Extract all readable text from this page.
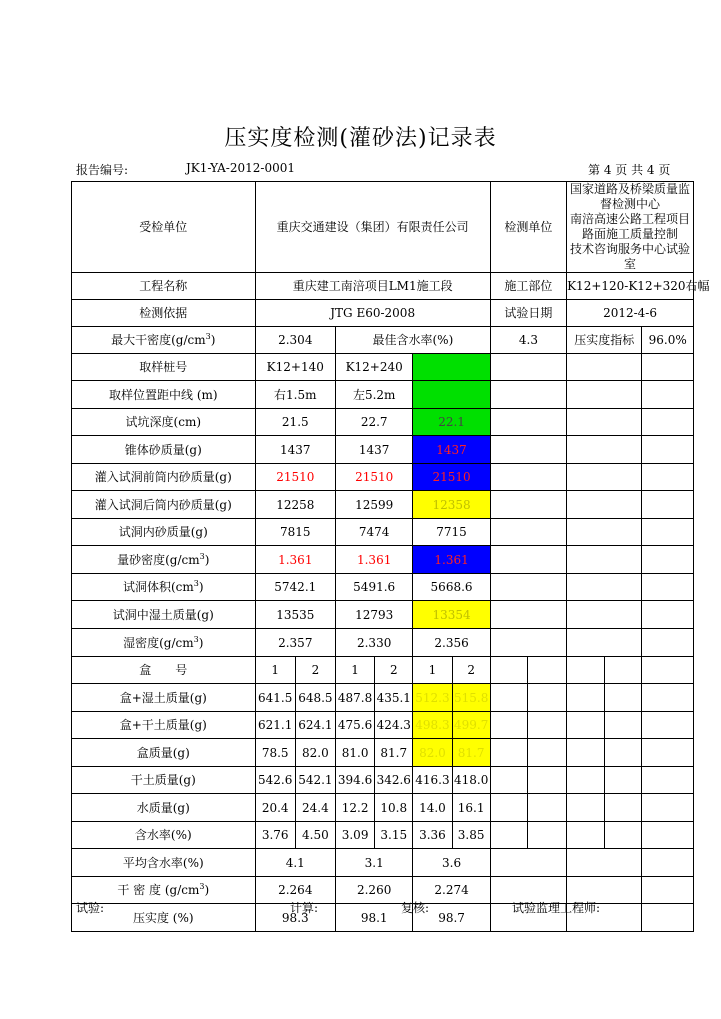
压实度检测(灌砂法)记录表
报告编号:	JK1-YA-2012-0001	第 4 页 共 4 页
受检单位	重庆交通建设（集团）有限责任公司						检测单位		国家道路及桥梁质量监督检测中心
南涪高速公路工程项目路面施工质量控制
技术咨询服务中心试验室		

工程名称	重庆建工南涪项目LM1施工段						施工部位		K12+120-K12+320右幅		
检测依据	JTG E60-2008						试验日期		2012-4-6		
最大干密度$(g/cm^3)$	2.304		最佳含水率(%)				4.3		压实度指标		96.0%
取样桩号	K12+140		K12+240								
取样位置距中线 (m)	右1.5m		左5.2m								
试坑深度(cm)	21.5		22.7		22.1						
锥体砂质量(g)	1437		1437		1437						
灌入试洞前筒内砂质量(g)	21510		21510		21510						
灌入试洞后筒内砂质量(g)	12258		12599		12358						
试洞内砂质量(g)	7815		7474		7715						
量砂密度$(g/cm^3)$	1.361		1.361		1.361						
试洞体积$(cm^3)$	5742.1		5491.6		5668.6						
试洞中湿土质量(g)	13535		12793		13354						
湿密度$(g/cm^3)$	2.357		2.330		2.356						
盒　　号	1	2	1	2	1	2					
盒+湿土质量(g)	641.5	648.5	487.8	435.1	512.3	515.8					
盒+干土质量(g)	621.1	624.1	475.6	424.3	498.3	499.7					
盒质量(g)	78.5	82.0	81.0	81.7	82.0	81.7					
干土质量(g)	542.6	542.1	394.6	342.6	416.3	418.0					
水质量(g)	20.4	24.4	12.2	10.8	14.0	16.1					
含水率(%)	3.76	4.50	3.09	3.15	3.36	3.85					
平均含水率(%)	4.1		3.1		3.6						
干 密 度 $(g/cm^3)$	2.264		2.260		2.274						
压实度 (%)	98.3		98.1		98.7						
试验:	计算:	复核:	试验监理工程师:
